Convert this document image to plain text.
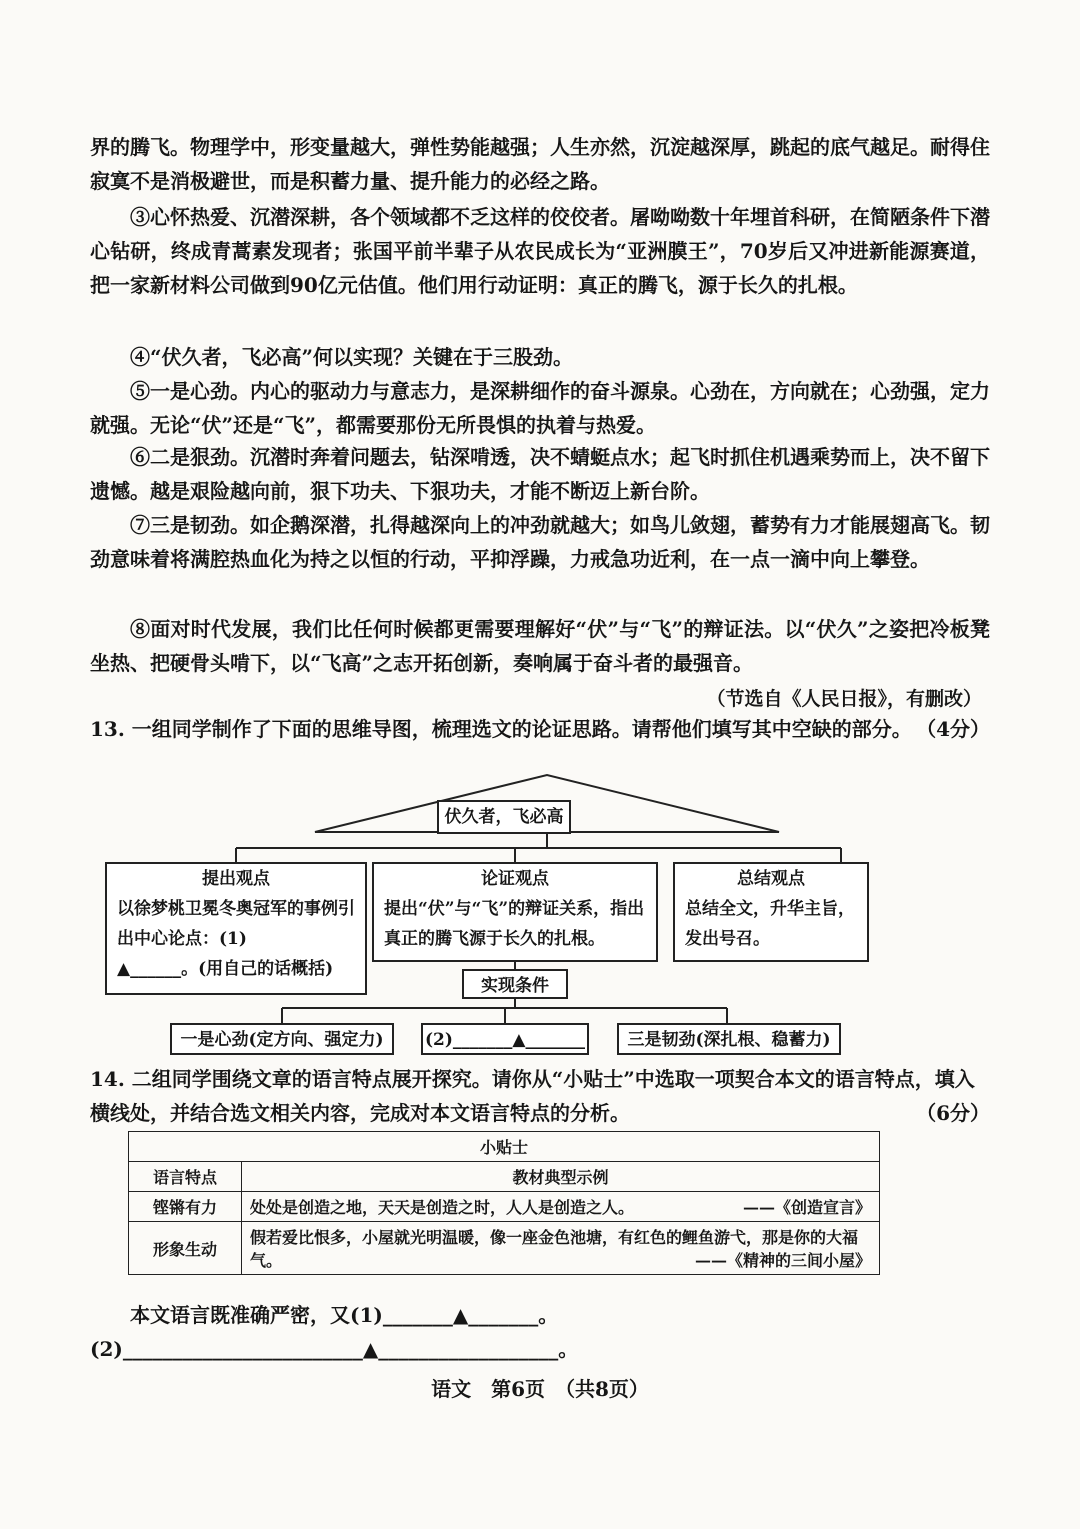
界的腾飞。物理学中，形变量越大，弹性势能越强；人生亦然，沉淀越深厚，跳起的底气越足。耐得住寂寞不是消极避世，而是积蓄力量、提升能力的必经之路。
③心怀热爱、沉潜深耕，各个领域都不乏这样的佼佼者。屠呦呦数十年埋首科研，在简陋条件下潜心钻研，终成青蒿素发现者；张国平前半辈子从农民成长为“亚洲膜王”，70岁后又冲进新能源赛道，把一家新材料公司做到90亿元估值。他们用行动证明：真正的腾飞，源于长久的扎根。
④“伏久者，飞必高”何以实现？关键在于三股劲。
⑤一是心劲。内心的驱动力与意志力，是深耕细作的奋斗源泉。心劲在，方向就在；心劲强，定力就强。无论“伏”还是“飞”，都需要那份无所畏惧的执着与热爱。
⑥二是狠劲。沉潜时奔着问题去，钻深啃透，决不蜻蜓点水；起飞时抓住机遇乘势而上，决不留下遗憾。越是艰险越向前，狠下功夫、下狠功夫，才能不断迈上新台阶。
⑦三是韧劲。如企鹅深潜，扎得越深向上的冲劲就越大；如鸟儿敛翅，蓄势有力才能展翅高飞。韧劲意味着将满腔热血化为持之以恒的行动，平抑浮躁，力戒急功近利，在一点一滴中向上攀登。
⑧面对时代发展，我们比任何时候都更需要理解好“伏”与“飞”的辩证法。以“伏久”之姿把冷板凳坐热、把硬骨头啃下，以“飞高”之志开拓创新，奏响属于奋斗者的最强音。
（节选自《人民日报》，有删改）
13. 一组同学制作了下面的思维导图，梳理选文的论证思路。请帮他们填写其中空缺的部分。 （4分）
伏久者，飞必高
提出观点
以徐梦桃卫冕冬奥冠军的事例引出中心论点：(1)
▲______。(用自己的话概括)
论证观点
提出“伏”与“飞”的辩证关系，指出真正的腾飞源于长久的扎根。
总结观点
总结全文，升华主旨，发出号召。
实现条件
一是心劲(定方向、强定力)	(2)_______▲_______	三是韧劲(深扎根、稳蓄力)
14. 二组同学围绕文章的语言特点展开探究。请你从“小贴士”中选取一项契合本文的语言特点，填入横线处，并结合选文相关内容，完成对本文语言特点的分析。	（6分）
小贴士	
语言特点	教材典型示例
铿锵有力	处处是创造之地，天天是创造之时，人人是创造之人。 ——《创造宣言》

形象生动	假若爱比恨多，小屋就光明温暖，像一座金色池塘，有红色的鲤鱼游弋，那是你的大福气。 ——《精神的三间小屋》
本文语言既准确严密，又(1)_______▲_______。(2)________________________▲__________________。
语文　第6页　（共8页）
